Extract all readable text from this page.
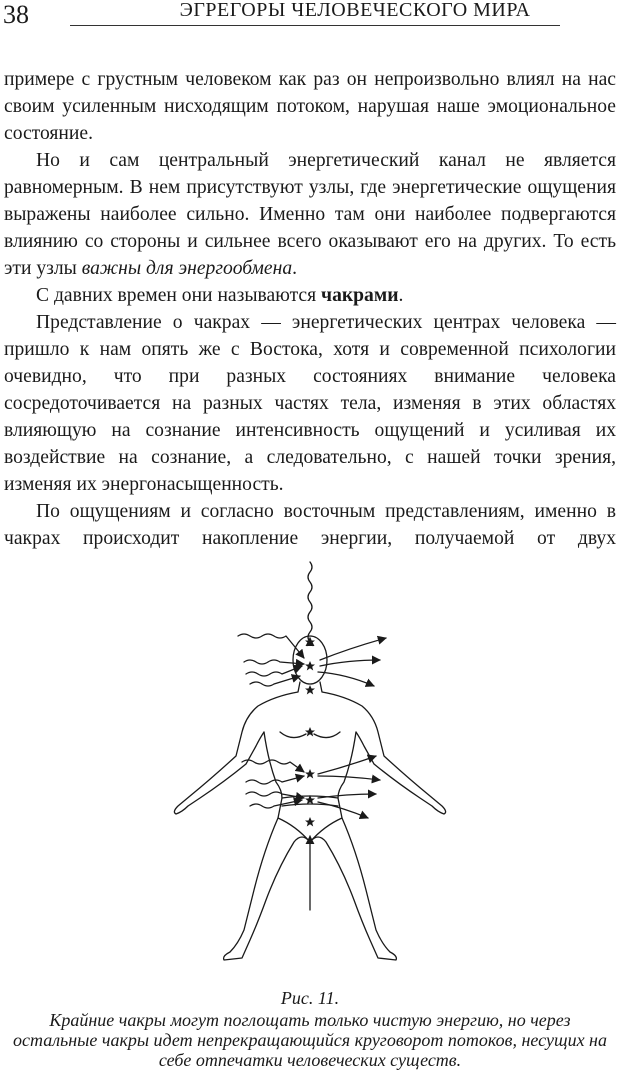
38	ЭГРЕГОРЫ ЧЕЛОВЕЧЕСКОГО МИРА

примере с грустным человеком как раз он непроизвольно влиял на нас своим усиленным нисходящим потоком, нарушая наше эмоциональное состояние.

Но и сам центральный энергетический канал не является равномерным. В нем присутствуют узлы, где энергетические ощущения выражены наиболее сильно. Именно там они наиболее подвергаются влиянию со стороны и сильнее всего оказывают его на других. То есть эти узлы важны для энергообмена.

С давних времен они называются чакрами.

Представление о чакрах — энергетических центрах человека — пришло к нам опять же с Востока, хотя и современной психологии очевидно, что при разных состояниях внимание человека сосредоточивается на разных частях тела, изменяя в этих областях влияющую на сознание интенсивность ощущений и усиливая их воздействие на сознание, а следовательно, с нашей точки зрения, изменяя их энергонасыщенность.

По ощущениям и согласно восточным представлениям, именно в чакрах происходит накопление энергии, получаемой от двух

Рис. 11.
Крайние чакры могут поглощать только чистую энергию, но через остальные чакры идет непрекращающийся круговорот потоков, несущих на себе отпечатки человеческих существ.
